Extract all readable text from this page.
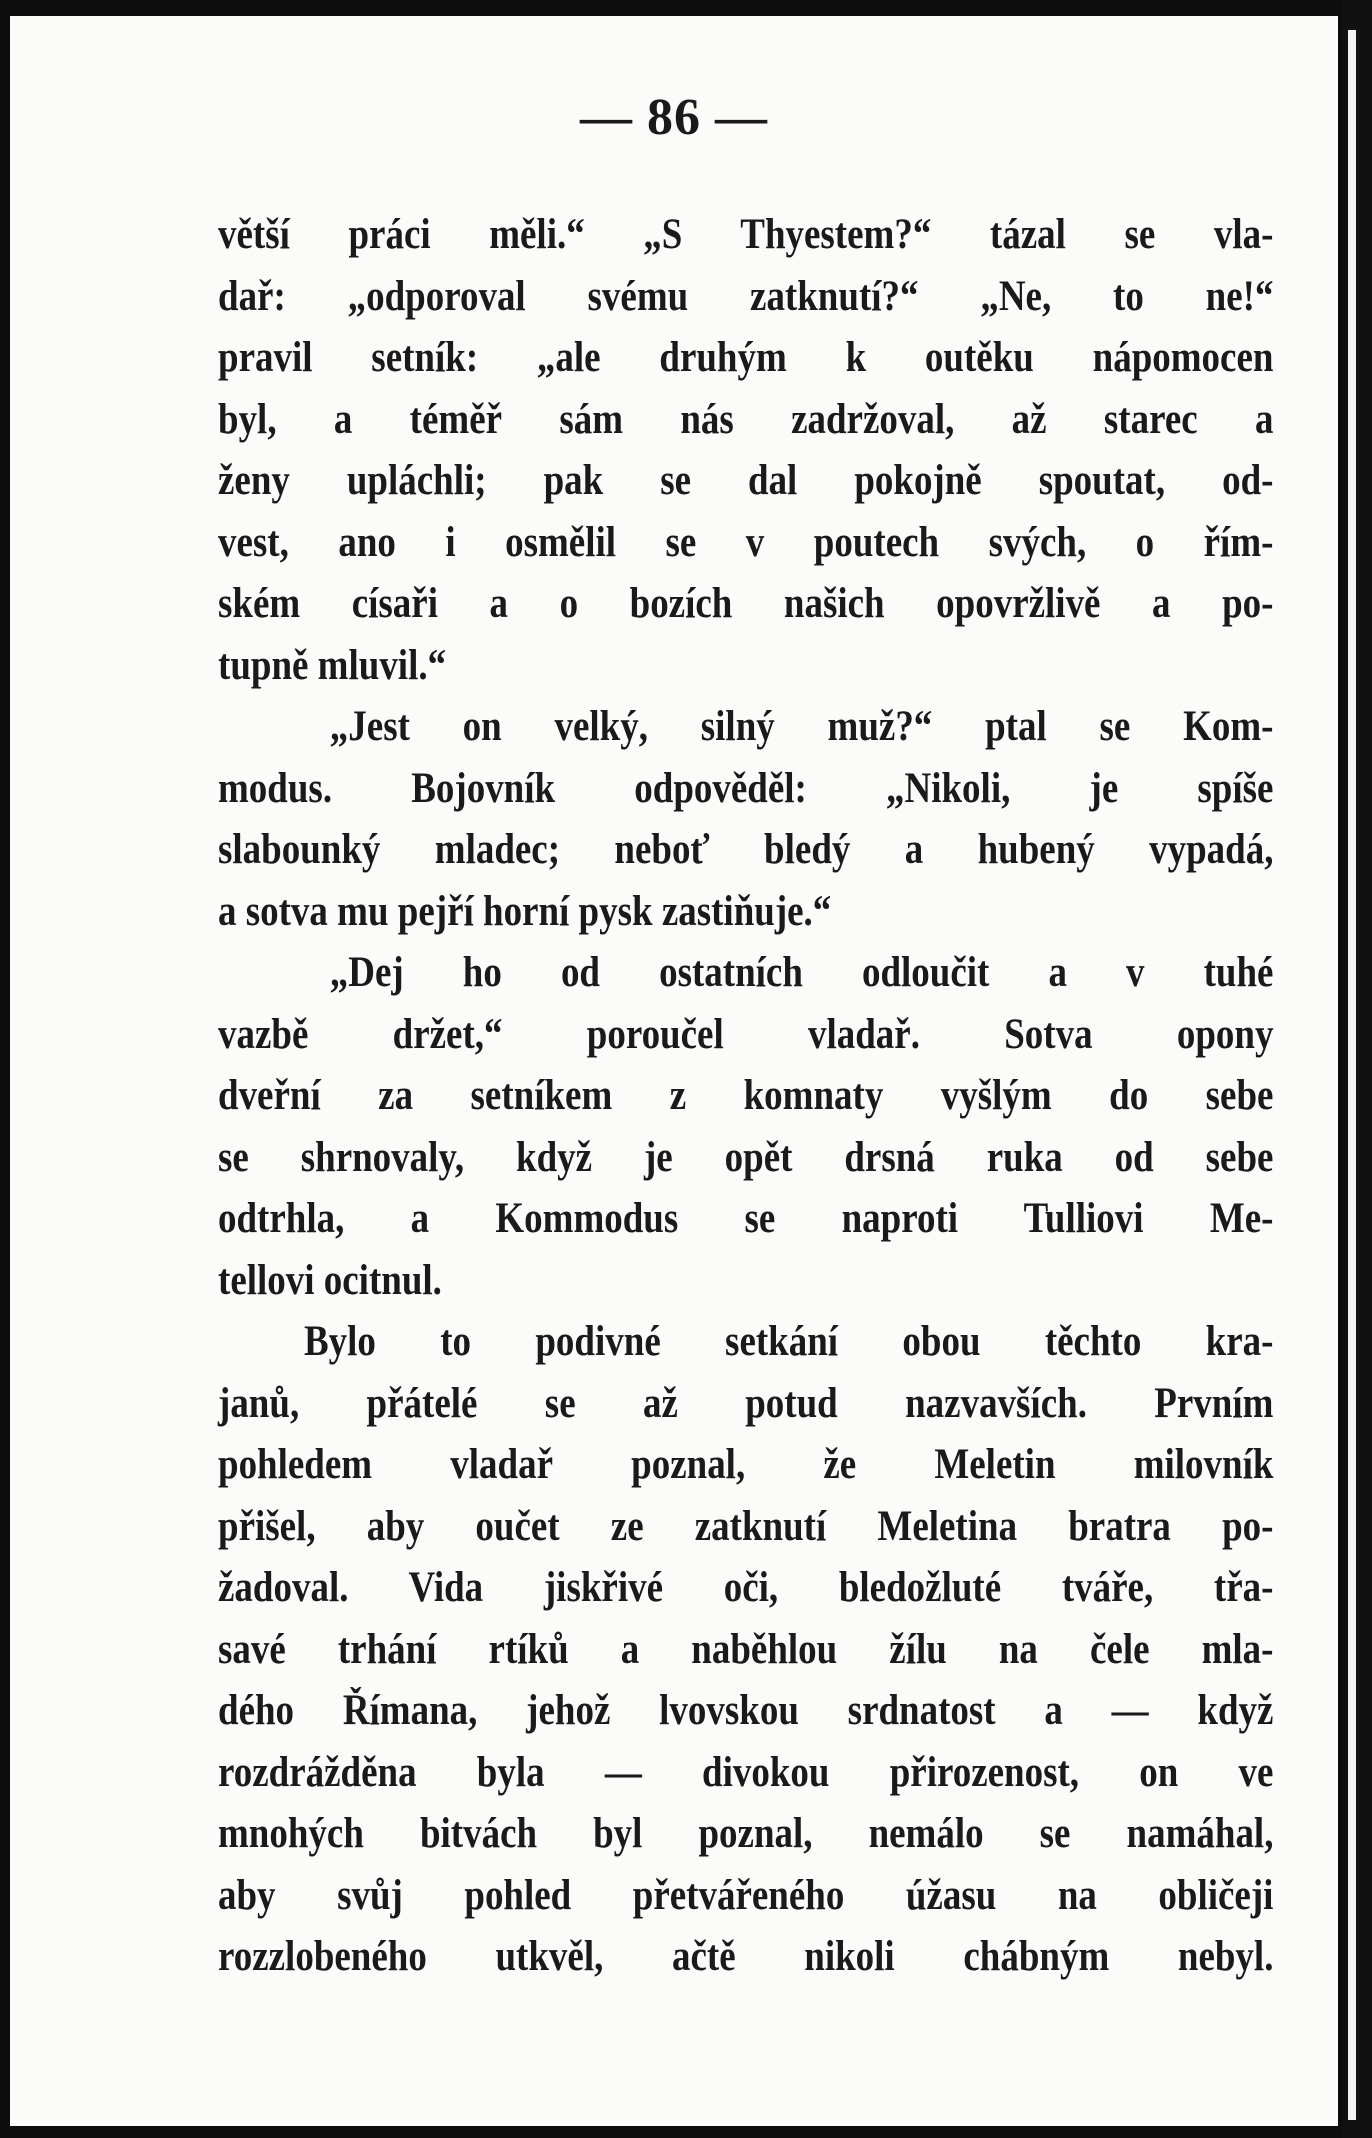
— 86 —
větší práci měli.“ „S Thyestem?“ tázal se vla-
dař: „odporoval svému zatknutí?“ „Ne, to ne!“
pravil setník: „ale druhým k outěku nápomocen
byl, a téměř sám nás zadržoval, až starec a
ženy upláchli; pak se dal pokojně spoutat, od-
vest, ano i osmělil se v poutech svých, o řím-
ském císaři a o bozích našich opovržlivě a po-
tupně mluvil.“
„Jest on velký, silný muž?“ ptal se Kom-
modus. Bojovník odpověděl: „Nikoli, je spíše
slabounký mladec; neboť bledý a hubený vypadá,
a sotva mu pejří horní pysk zastiňuje.“
„Dej ho od ostatních odloučit a v tuhé
vazbě držet,“ poroučel vladař. Sotva opony
dveřní za setníkem z komnaty vyšlým do sebe
se shrnovaly, když je opět drsná ruka od sebe
odtrhla, a Kommodus se naproti Tulliovi Me-
tellovi ocitnul.
Bylo to podivné setkání obou těchto kra-
janů, přátelé se až potud nazvavších. Prvním
pohledem vladař poznal, že Meletin milovník
přišel, aby oučet ze zatknutí Meletina bratra po-
žadoval. Vida jiskřivé oči, bledožluté tváře, třa-
savé trhání rtíků a naběhlou žílu na čele mla-
dého Římana, jehož lvovskou srdnatost a — když
rozdrážděna byla — divokou přirozenost, on ve
mnohých bitvách byl poznal, nemálo se namáhal,
aby svůj pohled přetvářeného úžasu na obličeji
rozzlobeného utkvěl, ačtě nikoli chábným nebyl.
